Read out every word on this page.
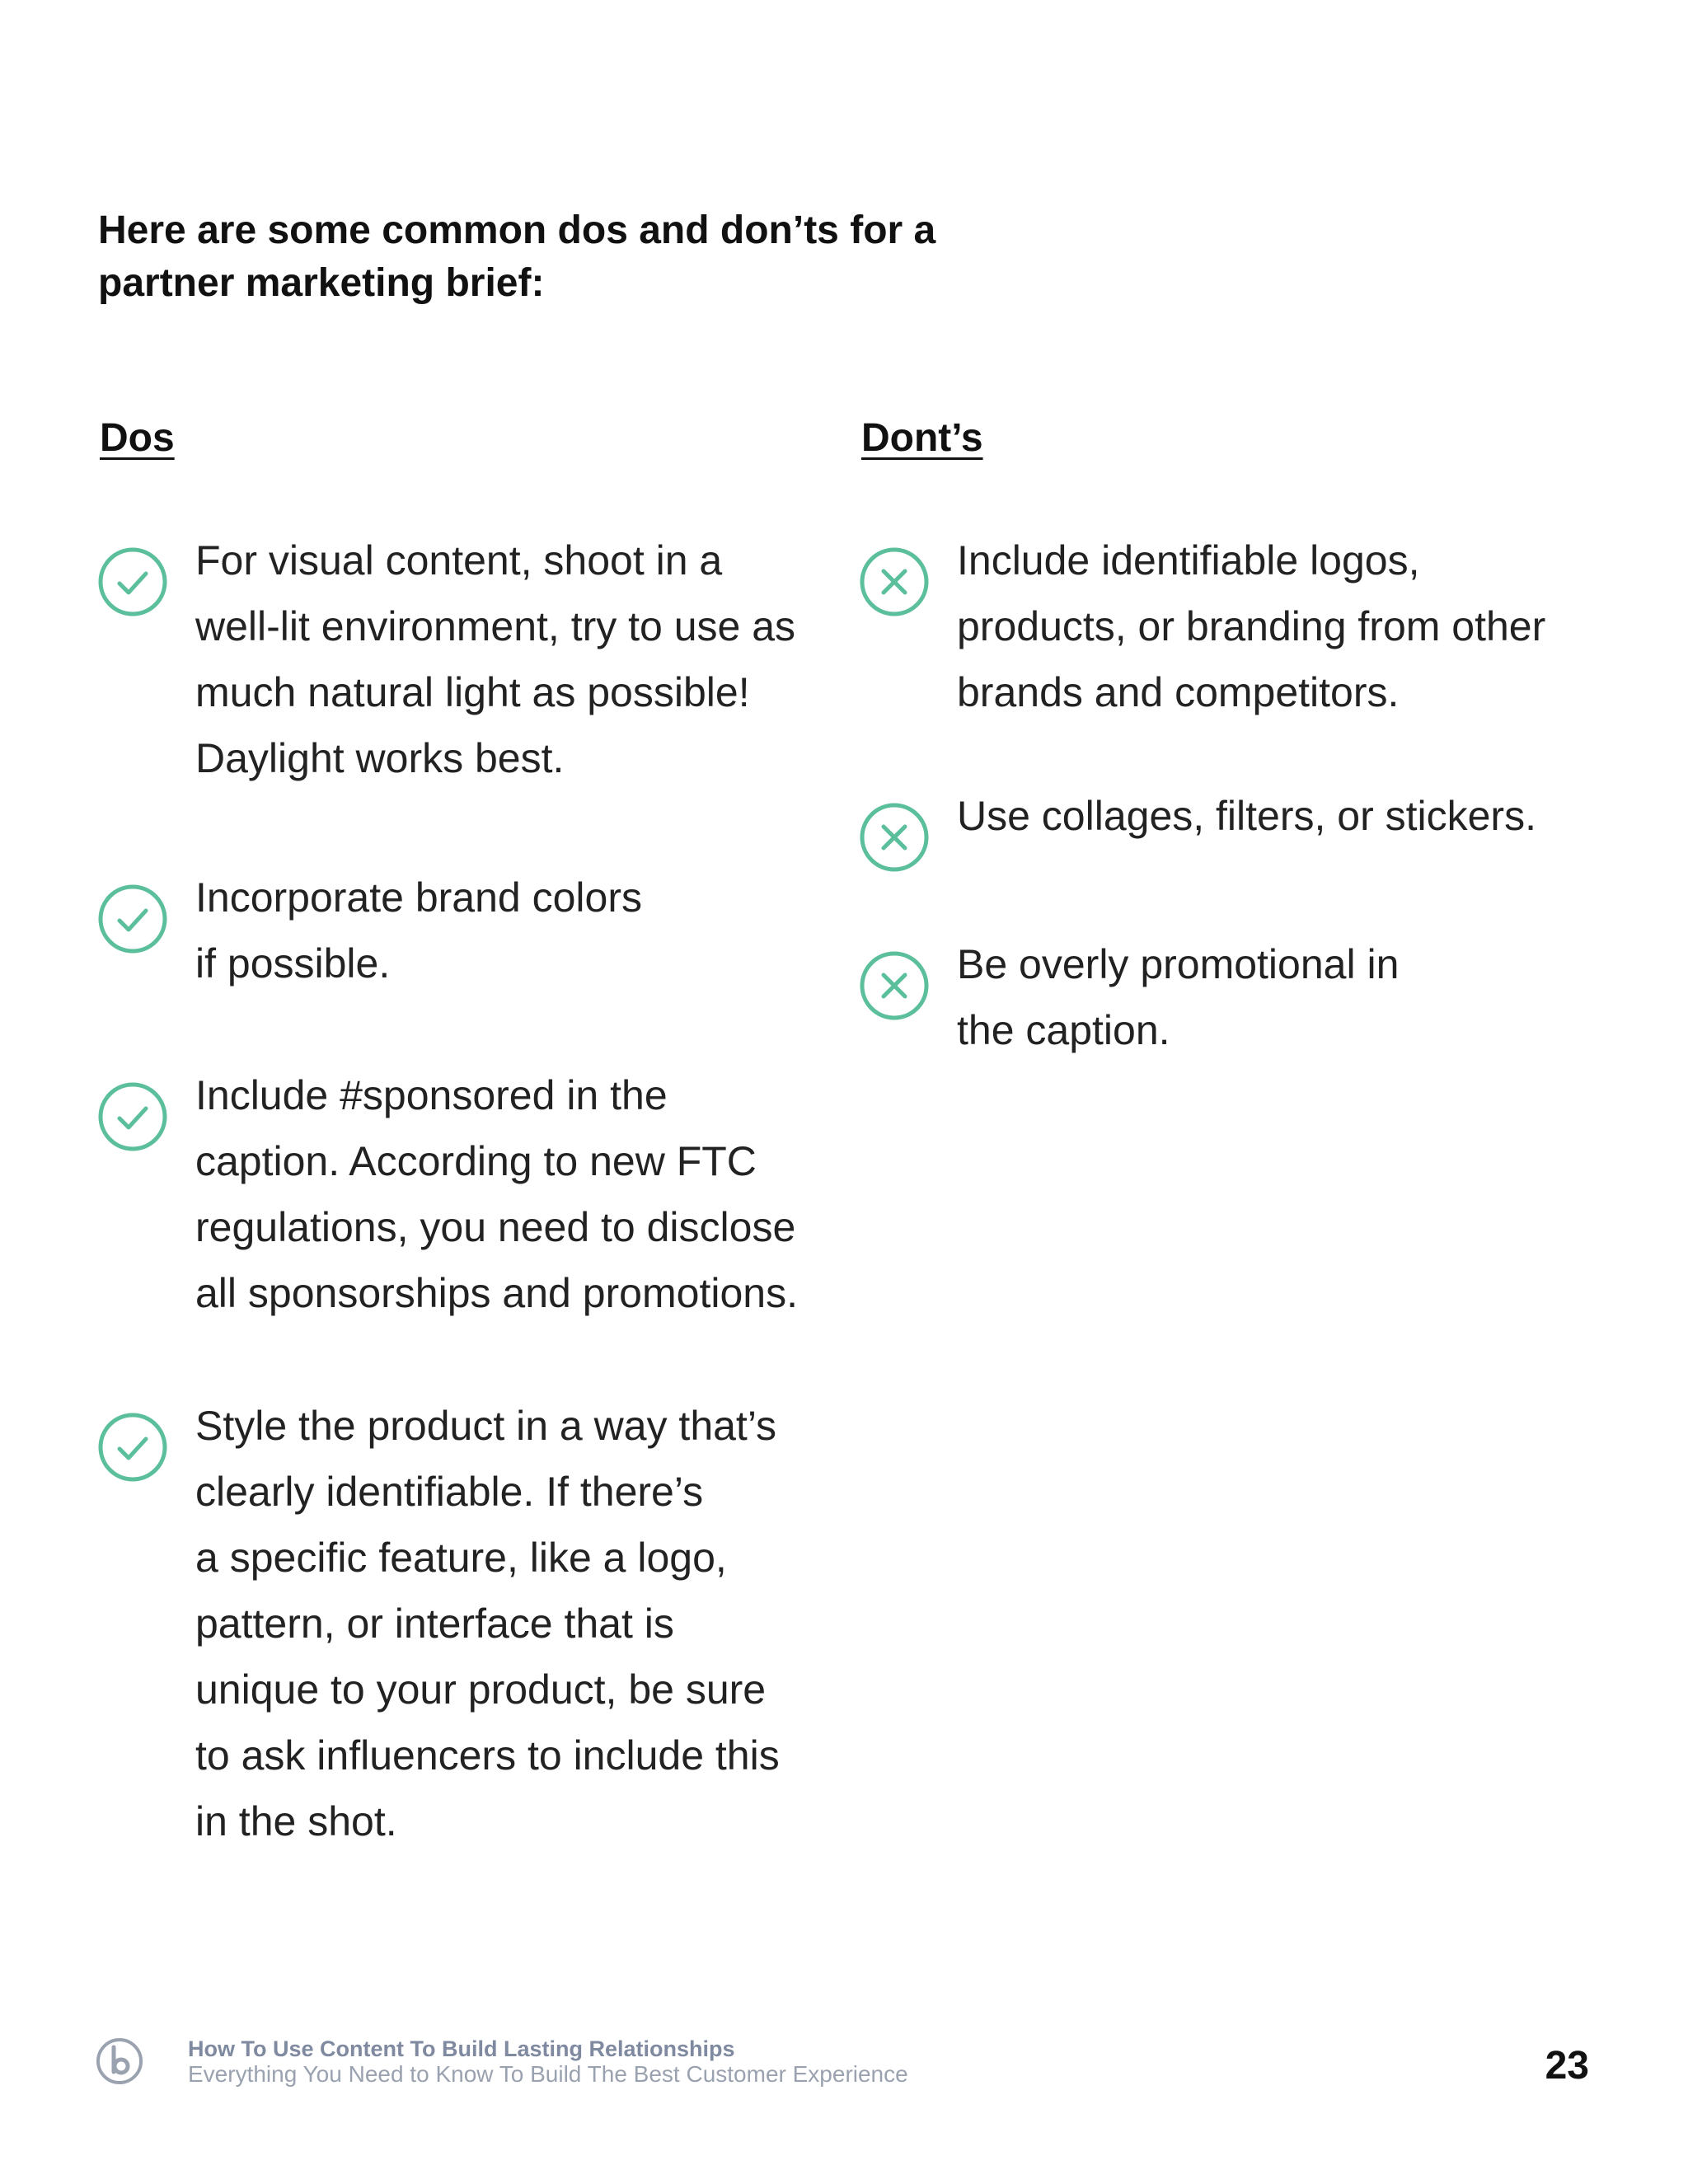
Here are some common dos and don’ts for a
partner marketing brief:
Dos	Dont’s
For visual content, shoot in a
well-lit environment, try to use as
much natural light as possible!
Daylight works best.
Incorporate brand colors
if possible.
Include #sponsored in the
caption. According to new FTC
regulations, you need to disclose
all sponsorships and promotions.
Style the product in a way that’s
clearly identifiable. If there’s
a specific feature, like a logo,
pattern, or interface that is
unique to your product, be sure
to ask influencers to include this
in the shot.
Include identifiable logos,
products, or branding from other
brands and competitors.
Use collages, filters, or stickers.
Be overly promotional in
the caption.
How To Use Content To Build Lasting Relationships
Everything You Need to Know To Build The Best Customer Experience	23
